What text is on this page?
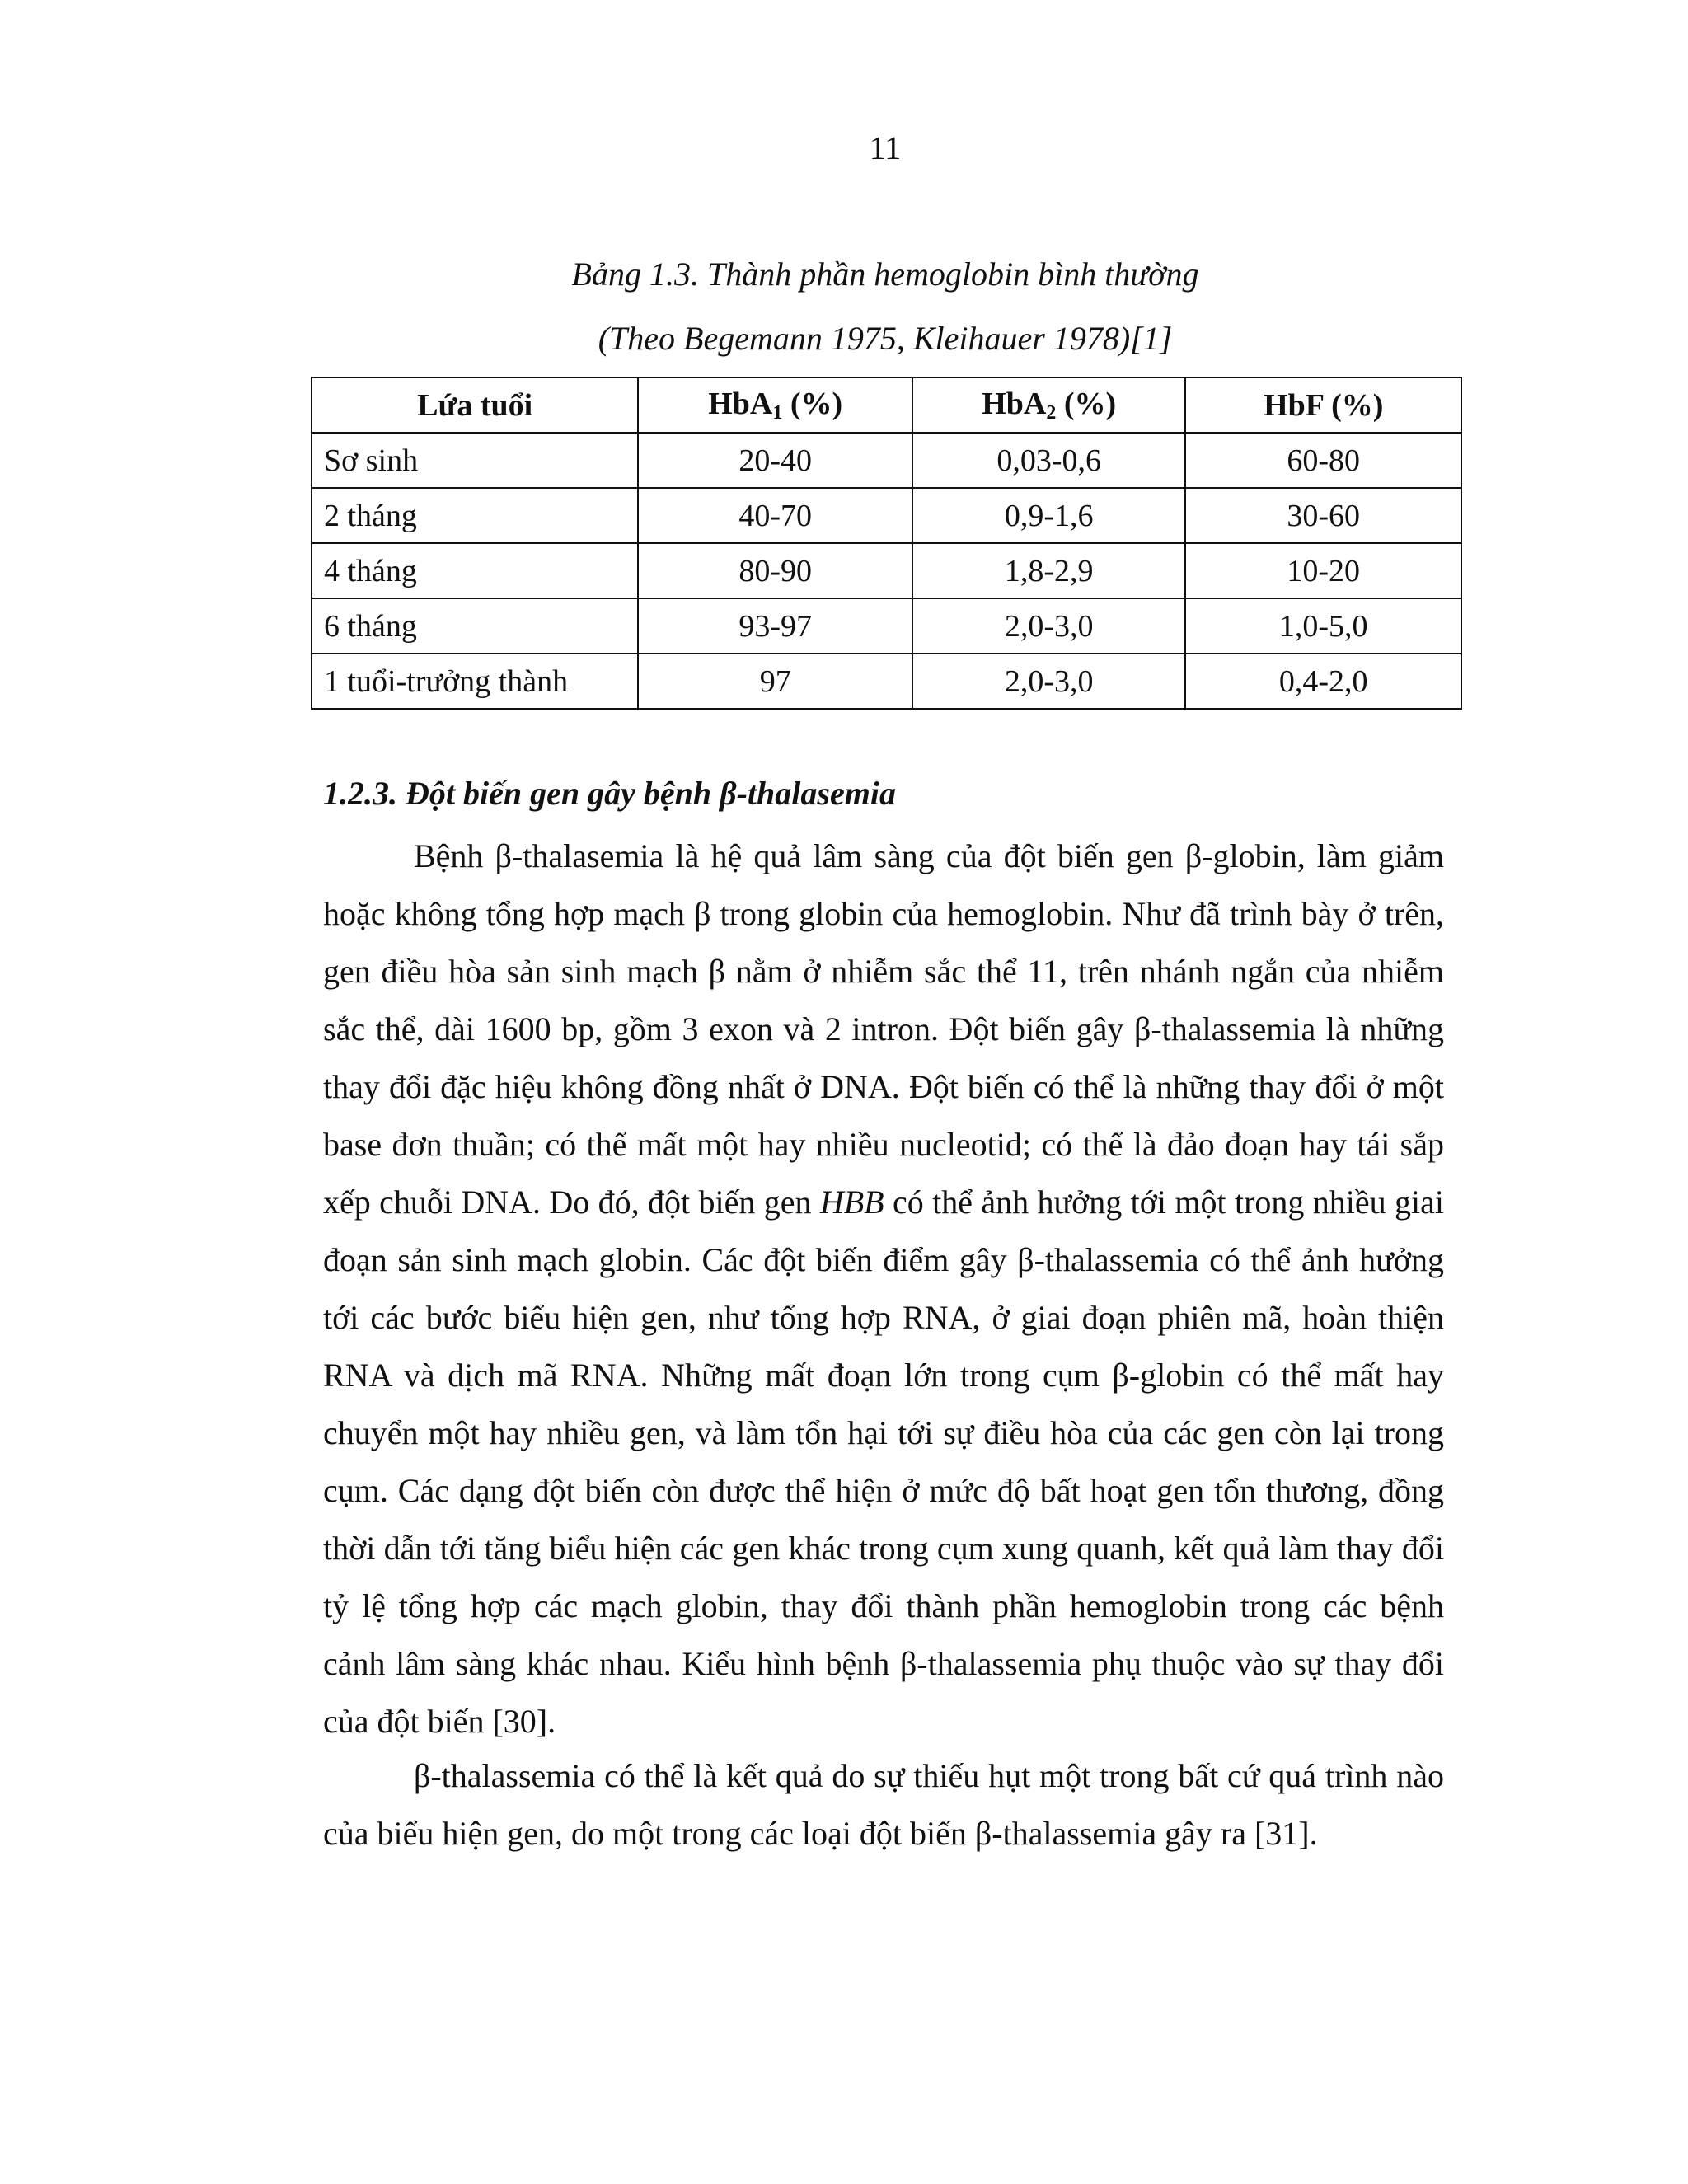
11
Bảng 1.3. Thành phần hemoglobin bình thường
(Theo Begemann 1975, Kleihauer 1978)[1]
Lứa tuổi	HbA$_1$ (%)	HbA$_2$ (%)	HbF (%)
Sơ sinh	20-40	0,03-0,6	60-80
2 tháng	40-70	0,9-1,6	30-60
4 tháng	80-90	1,8-2,9	10-20
6 tháng	93-97	2,0-3,0	1,0-5,0
1 tuổi-trưởng thành	97	2,0-3,0	0,4-2,0
1.2.3. Đột biến gen gây bệnh β-thalasemia

Bệnh β-thalasemia là hệ quả lâm sàng của đột biến gen β-globin, làm giảm hoặc không tổng hợp mạch β trong globin của hemoglobin. Như đã trình bày ở trên, gen điều hòa sản sinh mạch β nằm ở nhiễm sắc thể 11, trên nhánh ngắn của nhiễm sắc thể, dài 1600 bp, gồm 3 exon và 2 intron. Đột biến gây β-thalassemia là những thay đổi đặc hiệu không đồng nhất ở DNA. Đột biến có thể là những thay đổi ở một base đơn thuần; có thể mất một hay nhiều nucleotid; có thể là đảo đoạn hay tái sắp xếp chuỗi DNA. Do đó, đột biến gen HBB có thể ảnh hưởng tới một trong nhiều giai đoạn sản sinh mạch globin. Các đột biến điểm gây β-thalassemia có thể ảnh hưởng tới các bước biểu hiện gen, như tổng hợp RNA, ở giai đoạn phiên mã, hoàn thiện RNA và dịch mã RNA. Những mất đoạn lớn trong cụm β-globin có thể mất hay chuyển một hay nhiều gen, và làm tổn hại tới sự điều hòa của các gen còn lại trong cụm. Các dạng đột biến còn được thể hiện ở mức độ bất hoạt gen tổn thương, đồng thời dẫn tới tăng biểu hiện các gen khác trong cụm xung quanh, kết quả làm thay đổi tỷ lệ tổng hợp các mạch globin, thay đổi thành phần hemoglobin trong các bệnh cảnh lâm sàng khác nhau. Kiểu hình bệnh β-thalassemia phụ thuộc vào sự thay đổi của đột biến [30].

β-thalassemia có thể là kết quả do sự thiếu hụt một trong bất cứ quá trình nào của biểu hiện gen, do một trong các loại đột biến β-thalassemia gây ra [31].
